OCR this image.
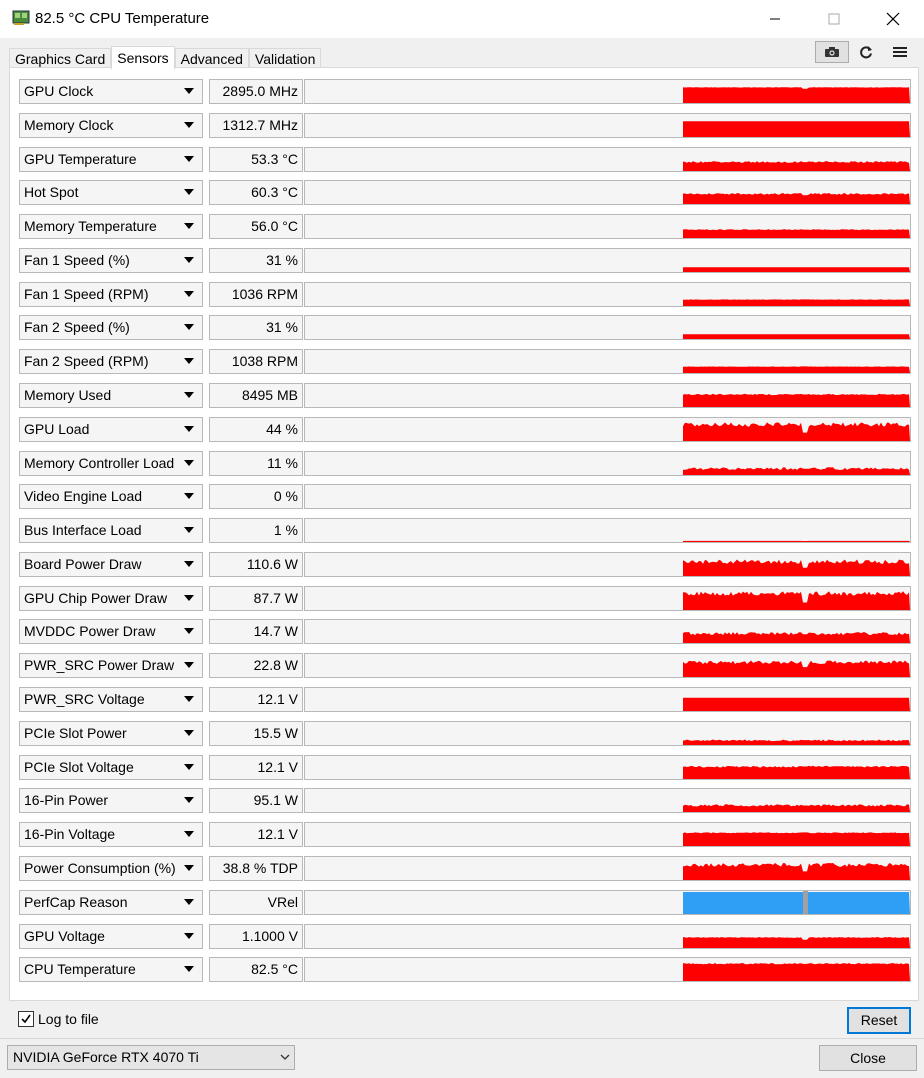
82.5 °C CPU Temperature
Graphics Card Sensors Advanced Validation
GPU Clock	2895.0 MHz
Memory Clock	1312.7 MHz
GPU Temperature	53.3 °C
Hot Spot	60.3 °C
Memory Temperature	56.0 °C
Fan 1 Speed (%)	31 %
Fan 1 Speed (RPM)	1036 RPM
Fan 2 Speed (%)	31 %
Fan 2 Speed (RPM)	1038 RPM
Memory Used	8495 MB
GPU Load	44 %
Memory Controller Load	11 %
Video Engine Load	0 %
Bus Interface Load	1 %
Board Power Draw	110.6 W
GPU Chip Power Draw	87.7 W
MVDDC Power Draw	14.7 W
PWR_SRC Power Draw	22.8 W
PWR_SRC Voltage	12.1 V
PCIe Slot Power	15.5 W
PCIe Slot Voltage	12.1 V
16-Pin Power	95.1 W
16-Pin Voltage	12.1 V
Power Consumption (%)	38.8 % TDP
PerfCap Reason	VRel
GPU Voltage	1.1000 V
CPU Temperature	82.5 °C
Log to file	Reset
NVIDIA GeForce RTX 4070 Ti	Close
